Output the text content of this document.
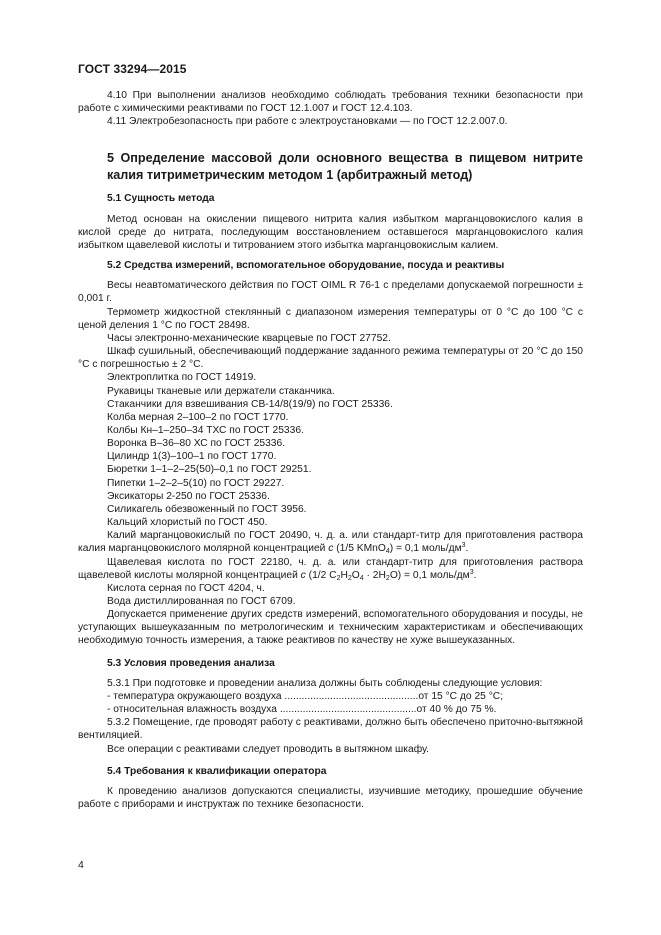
ГОСТ 33294—2015

4.10 При выполнении анализов необходимо соблюдать требования техники безопасности при работе с химическими реактивами по ГОСТ 12.1.007 и ГОСТ 12.4.103.

4.11 Электробезопасность при работе с электроустановками — по ГОСТ 12.2.007.0.

5 Определение массовой доли основного вещества в пищевом нитрите калия титриметрическим методом 1 (арбитражный метод)

5.1 Сущность метода

Метод основан на окислении пищевого нитрита калия избытком марганцовокислого калия в кислой среде до нитрата, последующим восстановлением оставшегося марганцовокислого калия избытком щавелевой кислоты и титрованием этого избытка марганцовокислым калием.

5.2 Средства измерений, вспомогательное оборудование, посуда и реактивы

Весы неавтоматического действия по ГОСТ OIML R 76-1 с пределами допускаемой погрешности ± 0,001 г.

Термометр жидкостной стеклянный с диапазоном измерения температуры от 0 °С до 100 °С с ценой деления 1 °С по ГОСТ 28498.

Часы электронно-механические кварцевые по ГОСТ 27752.

Шкаф сушильный, обеспечивающий поддержание заданного режима температуры от 20 °С до 150 °С с погрешностью ± 2 °С.

Электроплитка по ГОСТ 14919.

Рукавицы тканевые или держатели стаканчика.

Стаканчики для взвешивания СВ-14/8(19/9) по ГОСТ 25336.

Колба мерная 2–100–2 по ГОСТ 1770.

Колбы Кн–1–250–34 ТХС по ГОСТ 25336.

Воронка В–36–80 ХС по ГОСТ 25336.

Цилиндр 1(3)–100–1 по ГОСТ 1770.

Бюретки 1–1–2–25(50)–0,1 по ГОСТ 29251.

Пипетки 1–2–2–5(10) по ГОСТ 29227.

Эксикаторы 2-250 по ГОСТ 25336.

Силикагель обезвоженный по ГОСТ 3956.

Кальций хлористый по ГОСТ 450.

Калий марганцовокислый по ГОСТ 20490, ч. д. а. или стандарт-титр для приготовления раствора калия марганцовокислого молярной концентрацией c (1/5 KMnO$_4$) = 0,1 моль/$дм^3$.

Щавелевая кислота по ГОСТ 22180, ч. д. а. или стандарт-титр для приготовления раствора щавелевой кислоты молярной концентрацией c (1/2 $C_2H_2O_4 \cdot 2H_2O) = 0,1$ моль/$дм^3$.

Кислота серная по ГОСТ 4204, ч.

Вода дистиллированная по ГОСТ 6709.

Допускается применение других средств измерений, вспомогательного оборудования и посуды, не уступающих вышеуказанным по метрологическим и техническим характеристикам и обеспечивающих необходимую точность измерения, а также реактивов по качеству не хуже вышеуказанных.

5.3 Условия проведения анализа

5.3.1 При подготовке и проведении анализа должны быть соблюдены следующие условия:

- температура окружающего воздуха ...............................................от 15 °С до 25 °С;

- относительная влажность воздуха ................................................от 40 % до 75 %.

5.3.2 Помещение, где проводят работу с реактивами, должно быть обеспечено приточно-вытяжной вентиляцией.

Все операции с реактивами следует проводить в вытяжном шкафу.

5.4 Требования к квалификации оператора

К проведению анализов допускаются специалисты, изучившие методику, прошедшие обучение работе с приборами и инструктаж по технике безопасности.

4
